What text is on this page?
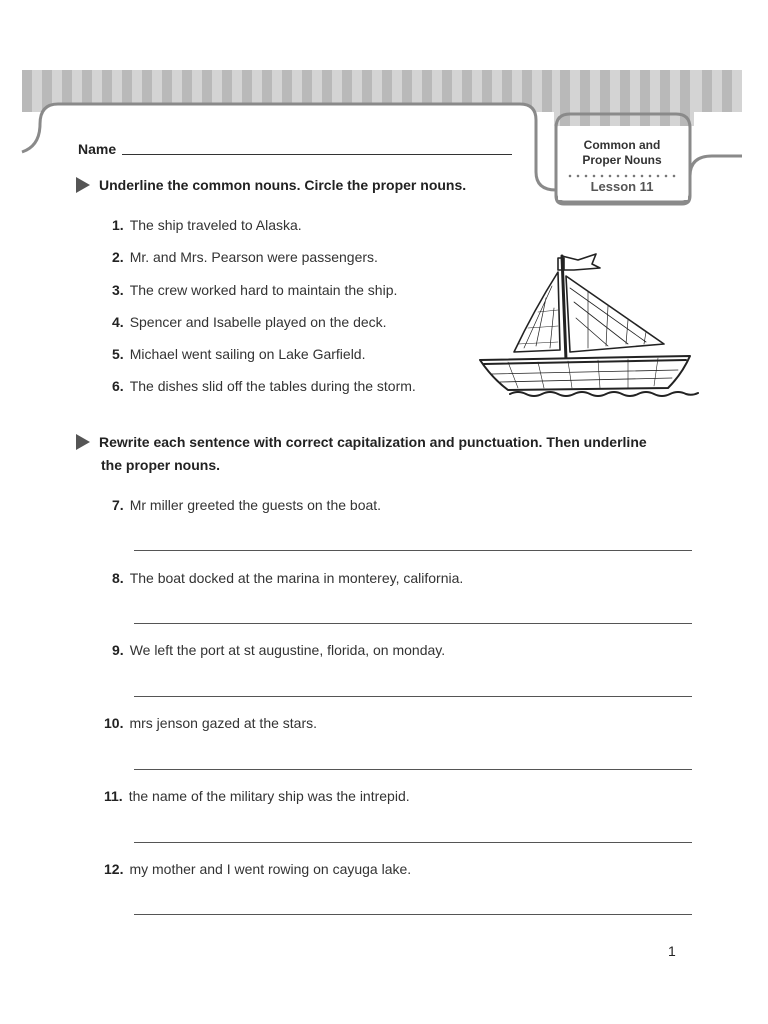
Common and
Proper Nouns
Lesson 11
Name
Underline the common nouns. Circle the proper nouns.
1. The ship traveled to Alaska.
2. Mr. and Mrs. Pearson were passengers.
3. The crew worked hard to maintain the ship.
4. Spencer and Isabelle played on the deck.
5. Michael went sailing on Lake Garfield.
6. The dishes slid off the tables during the storm.
Rewrite each sentence with correct capitalization and punctuation. Then underline
the proper nouns.
7. Mr miller greeted the guests on the boat.
8. The boat docked at the marina in monterey, california.
9. We left the port at st augustine, florida, on monday.
10. mrs jenson gazed at the stars.
11. the name of the military ship was the intrepid.
12. my mother and I went rowing on cayuga lake.
1
